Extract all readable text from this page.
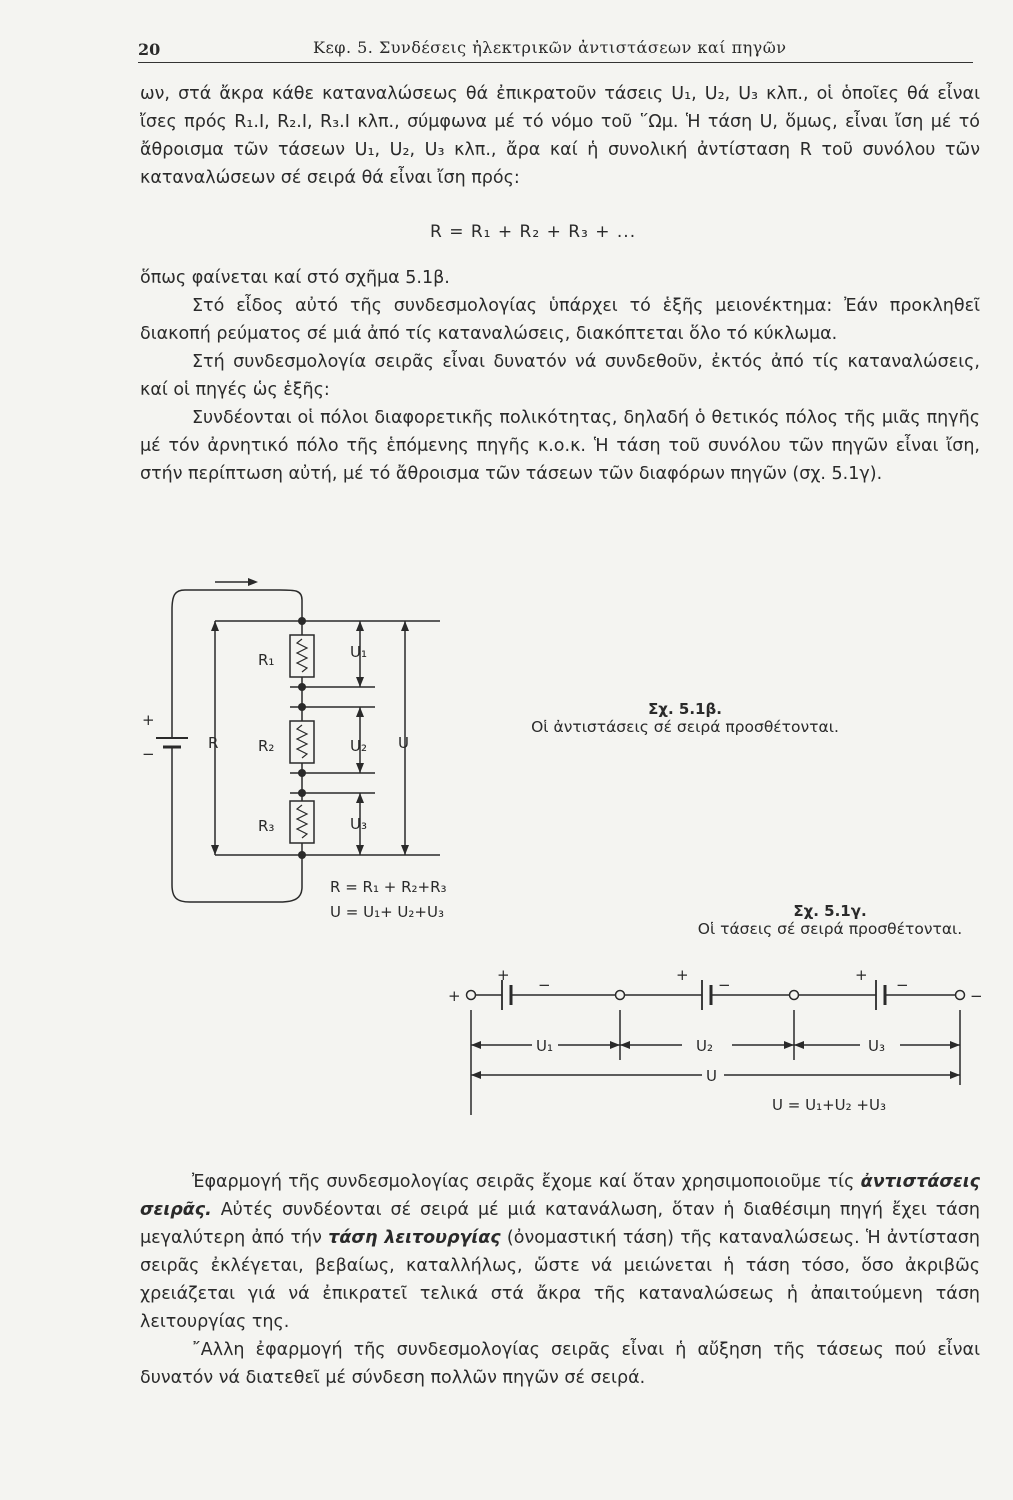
20	Κεφ. 5. Συνδέσεις ἠλεκτρικῶν ἀντιστάσεων καί πηγῶν

ων, στά ἄκρα κάθε καταναλώσεως θά ἐπικρατοῦν τάσεις U₁, U₂, U₃ κλπ., οἱ ὁποῖες θά εἶναι ἴσες πρός R₁.I, R₂.I, R₃.I κλπ., σύμφωνα μέ τό νόμο τοῦ ῞Ωμ. Ἡ τάση U, ὅμως, εἶναι ἴση μέ τό ἄθροισμα τῶν τάσεων U₁, U₂, U₃ κλπ., ἄρα καί ἡ συνολική ἀντίσταση R τοῦ συνόλου τῶν καταναλώσεων σέ σειρά θά εἶναι ἴση πρός:

R = R₁ + R₂ + R₃ + ...

ὅπως φαίνεται καί στό σχῆμα 5.1β.

Στό εἶδος αὐτό τῆς συνδεσμολογίας ὑπάρχει τό ἑξῆς μειονέκτημα: Ἐάν προκληθεῖ διακοπή ρεύματος σέ μιά ἀπό τίς καταναλώσεις, διακόπτεται ὅλο τό κύκλωμα.

Στή συνδεσμολογία σειρᾶς εἶναι δυνατόν νά συνδεθοῦν, ἐκτός ἀπό τίς καταναλώσεις, καί οἱ πηγές ὡς ἑξῆς:

Συνδέονται οἱ πόλοι διαφορετικῆς πολικότητας, δηλαδή ὁ θετικός πόλος τῆς μιᾶς πηγῆς μέ τόν ἀρνητικό πόλο τῆς ἑπόμενης πηγῆς κ.ο.κ. Ἡ τάση τοῦ συνόλου τῶν πηγῶν εἶναι ἴση, στήν περίπτωση αὐτή, μέ τό ἄθροισμα τῶν τάσεων τῶν διαφόρων πηγῶν (σχ. 5.1γ).

+
−
R
R₁
R₂
R₃
U₁
U₂
U₃
U
R = R₁ + R₂+R₃
U = U₁+ U₂+U₃
Σχ. 5.1β.
Οἱ ἀντιστάσεις σέ σειρά προσθέτονται.
Σχ. 5.1γ.
Οἱ τάσεις σέ σειρά προσθέτονται.
+	−
+
−
+
−
+
−
U₁	U₂	U₃
U
U = U₁+U₂ +U₃

Ἐφαρμογή τῆς συνδεσμολογίας σειρᾶς ἔχομε καί ὅταν χρησιμοποιοῦμε τίς ἀντιστάσεις σειρᾶς. Αὐτές συνδέονται σέ σειρά μέ μιά κατανάλωση, ὅταν ἡ διαθέσιμη πηγή ἔχει τάση μεγαλύτερη ἀπό τήν τάση λειτουργίας (ὀνομαστική τάση) τῆς καταναλώσεως. Ἡ ἀντίσταση σειρᾶς ἐκλέγεται, βεβαίως, καταλλήλως, ὥστε νά μειώνεται ἡ τάση τόσο, ὅσο ἀκριβῶς χρειάζεται γιά νά ἐπικρατεῖ τελικά στά ἄκρα τῆς καταναλώσεως ἡ ἀπαιτούμενη τάση λειτουργίας της.

῎Αλλη ἐφαρμογή τῆς συνδεσμολογίας σειρᾶς εἶναι ἡ αὔξηση τῆς τάσεως πού εἶναι δυνατόν νά διατεθεῖ μέ σύνδεση πολλῶν πηγῶν σέ σειρά.
